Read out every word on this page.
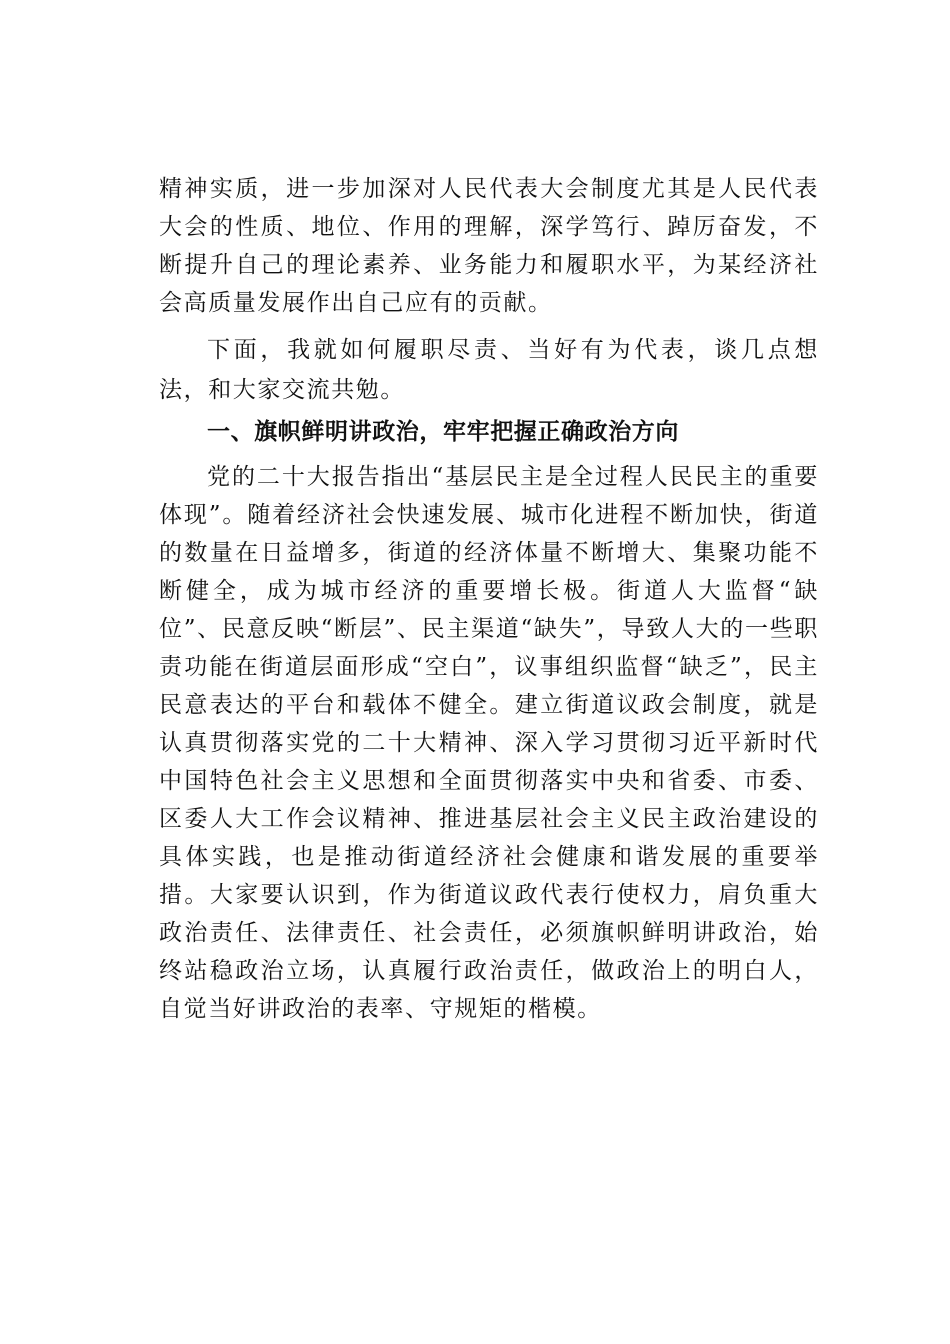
精神实质，进一步加深对人民代表大会制度尤其是人民代表大会的性质、地位、作用的理解，深学笃行、踔厉奋发，不断提升自己的理论素养、业务能力和履职水平，为某经济社会高质量发展作出自己应有的贡献。

下面，我就如何履职尽责、当好有为代表，谈几点想法，和大家交流共勉。

一、旗帜鲜明讲政治，牢牢把握正确政治方向

党的二十大报告指出“基层民主是全过程人民民主的重要体现”。随着经济社会快速发展、城市化进程不断加快，街道的数量在日益增多，街道的经济体量不断增大、集聚功能不断健全，成为城市经济的重要增长极。街道人大监督“缺位”、民意反映“断层”、民主渠道“缺失”，导致人大的一些职责功能在街道层面形成“空白”，议事组织监督“缺乏”，民主民意表达的平台和载体不健全。建立街道议政会制度，就是认真贯彻落实党的二十大精神、深入学习贯彻习近平新时代中国特色社会主义思想和全面贯彻落实中央和省委、市委、区委人大工作会议精神、推进基层社会主义民主政治建设的具体实践，也是推动街道经济社会健康和谐发展的重要举措。大家要认识到，作为街道议政代表行使权力，肩负重大政治责任、法律责任、社会责任，必须旗帜鲜明讲政治，始终站稳政治立场，认真履行政治责任，做政治上的明白人，自觉当好讲政治的表率、守规矩的楷模。
